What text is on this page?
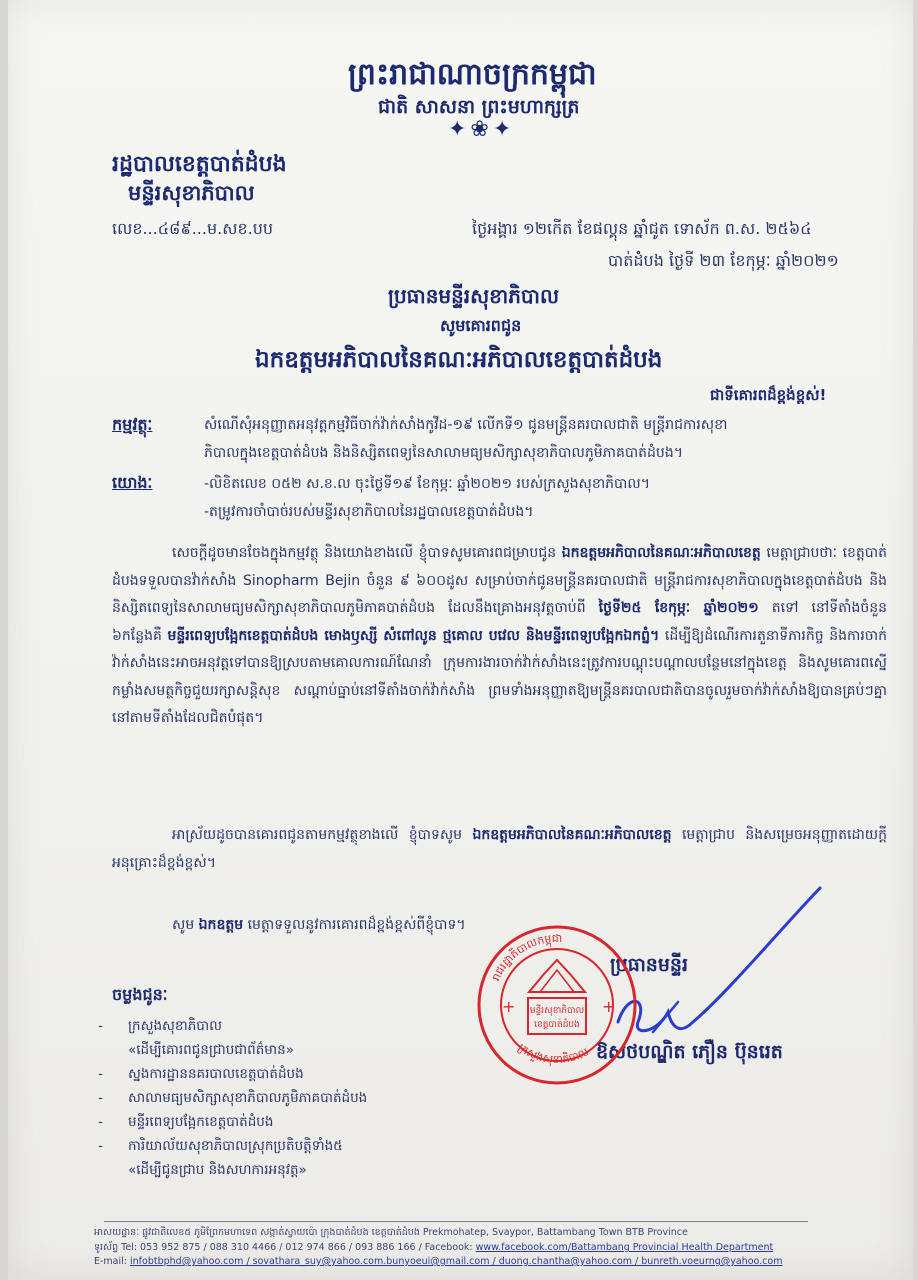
ព្រះរាជាណាចក្រកម្ពុជា
ជាតិ សាសនា ព្រះមហាក្សត្រ
✦❀✦
រដ្ឋបាលខេត្តបាត់ដំបង
មន្ទីរសុខាភិបាល
លេខ...៤៨៩...ម.សខ.បប	ថ្ងៃអង្គារ ១២កើត ខែផល្គុន ឆ្នាំជូត ទោស័ក ព.ស. ២៥៦៤
បាត់ដំបង ថ្ងៃទី ២៣ ខែកុម្ភៈ ឆ្នាំ២០២១
ប្រធានមន្ទីរសុខាភិបាល
សូមគោរពជូន
ឯកឧត្តមអភិបាលនៃគណៈអភិបាលខេត្តបាត់ដំបង
ជាទីគោរពដ៏ខ្ពង់ខ្ពស់!
កម្មវត្ថុៈ	សំណើសុំអនុញ្ញាតអនុវត្តកម្មវិធីចាក់វ៉ាក់សាំងកូវីដ-១៩ លើកទី១ ជូនមន្ត្រីនគរបាលជាតិ មន្ត្រីរាជការសុខា
ភិបាលក្នុងខេត្តបាត់ដំបង និងនិស្សិតពេទ្យនៃសាលាមធ្យមសិក្សាសុខាភិបាលភូមិភាគបាត់ដំបង។
យោងៈ	-លិខិតលេខ ០៥២ ស.ខ.ល ចុះថ្ងៃទី១៩ ខែកុម្ភៈ ឆ្នាំ២០២១ របស់ក្រសួងសុខាភិបាល។
-តម្រូវការចាំបាច់របស់មន្ទីរសុខាភិបាលនៃរដ្ឋបាលខេត្តបាត់ដំបង។
សេចក្តីដូចមានចែងក្នុងកម្មវត្ថុ និងយោងខាងលើ ខ្ញុំបាទសូមគោរពជម្រាបជូន ឯកឧត្តមអភិបាលនៃគណៈអភិបាលខេត្ត មេត្តាជ្រាបថាៈ ខេត្តបាត់ដំបងទទួលបានវ៉ាក់សាំង Sinopharm Bejin ចំនួន ៩ ៦០០ដូស សម្រាប់ចាក់ជូនមន្ត្រីនគរបាលជាតិ មន្ត្រីរាជការសុខាភិបាលក្នុងខេត្តបាត់ដំបង និងនិស្សិតពេទ្យនៃសាលាមធ្យមសិក្សាសុខាភិបាលភូមិភាគបាត់ដំបង ដែលនឹងគ្រោងអនុវត្តចាប់ពី ថ្ងៃទី២៥ ខែកុម្ភៈ ឆ្នាំ២០២១ តទៅ នៅទីតាំងចំនួន ៦កន្លែងគឺ មន្ទីរពេទ្យបង្អែកខេត្តបាត់ដំបង មោងឫស្សី សំពៅលូន ថ្មគោល បវេល និងមន្ទីរពេទ្យបង្អែកឯកព្នំ។ ដើម្បីឱ្យដំណើរការតួនាទីភារកិច្ច និងការចាក់វ៉ាក់សាំងនេះអាចអនុវត្តទៅបានឱ្យស្របតាមគោលការណ៍ណែនាំ ក្រុមការងារចាក់វ៉ាក់សាំងនេះត្រូវការបណ្តុះបណ្តាលបន្ថែមនៅក្នុងខេត្ត និងសូមគោរពស្នើកម្លាំងសមត្ថកិច្ចជួយរក្សាសន្តិសុខ សណ្តាប់ធ្នាប់នៅទីតាំងចាក់វ៉ាក់សាំង ព្រមទាំងអនុញ្ញាតឱ្យមន្ត្រីនគរបាលជាតិបានចូលរួមចាក់វ៉ាក់សាំងឱ្យបានគ្រប់ៗគ្នា នៅតាមទីតាំងដែលជិតបំផុត។
អាស្រ័យដូចបានគោរពជូនតាមកម្មវត្ថុខាងលើ ខ្ញុំបាទសូម ឯកឧត្តមអភិបាលនៃគណៈអភិបាលខេត្ត មេត្តាជ្រាប និងសម្រេចអនុញ្ញាតដោយក្តីអនុគ្រោះដ៏ខ្ពង់ខ្ពស់។
សូម ឯកឧត្តម មេត្តាទទួលនូវការគោរពដ៏ខ្ពង់ខ្ពស់ពីខ្ញុំបាទ។
ប្រធានមន្ទីរ
ឱសថបណ្ឌិត ភឿន ប៊ុនរេត
មន្ទីរសុខាភិបាល
ខេត្តបាត់ដំបង
+	+
រាជរដ្ឋាភិបាលកម្ពុជា
ក្រសួងសុខាភិបាល
ចម្លងជូនៈ
-	ក្រសួងសុខាភិបាល
«ដើម្បីគោរពជូនជ្រាបជាព័ត៌មាន»
-	ស្នងការដ្ឋាននគរបាលខេត្តបាត់ដំបង
-	សាលាមធ្យមសិក្សាសុខាភិបាលភូមិភាគបាត់ដំបង
-	មន្ទីរពេទ្យបង្អែកខេត្តបាត់ដំបង
-	ការិយាល័យសុខាភិបាលស្រុកប្រតិបត្តិទាំង៥
«ដើម្បីជូនជ្រាប និងសហការអនុវត្ត»
អាសយដ្ឋានៈ ផ្លូវជាតិលេខ៥ ភូមិព្រែកមហាទេព សង្កាត់ស្វាយប៉ោ ក្រុងបាត់ដំបង ខេត្តបាត់ដំបង Prekmohatep, Svaypor, Battambang Town BTB Province
ទូរស័ព្ទ Tel: 053 952 875 / 088 310 4466 / 012 974 866 / 093 886 166 / Facebook: www.facebook.com/Battambang Provincial Health Department
E-mail: infobtbphd@yahoo.com / sovathara_suy@yahoo.com.bunyoeui@gmail.com / duong.chantha@yahoo.com / bunreth.voeurng@yahoo.com
